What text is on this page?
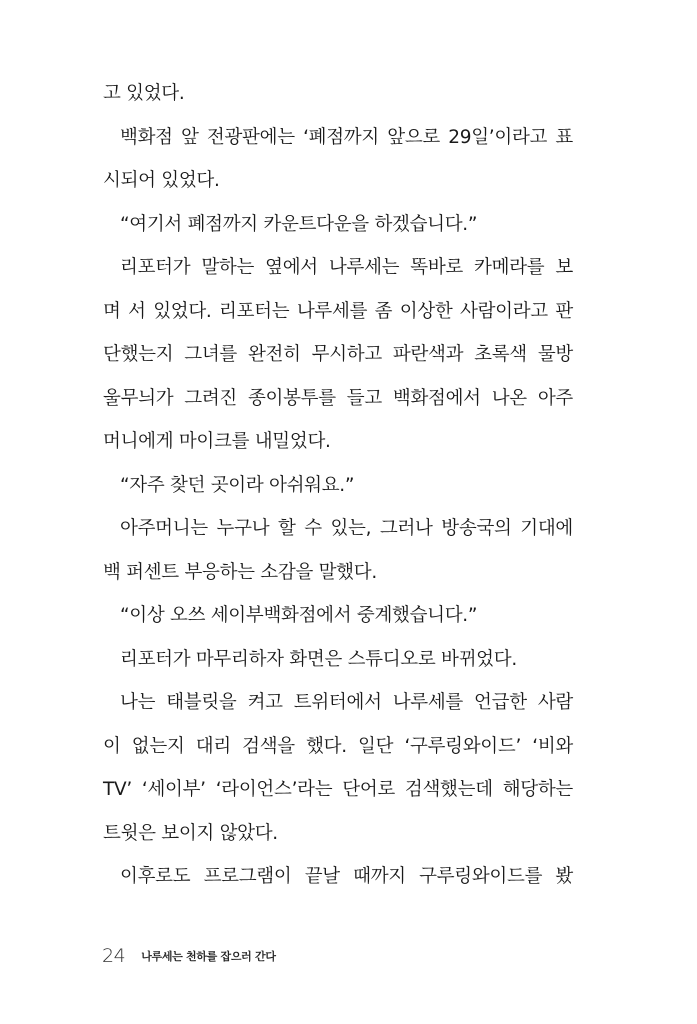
고 있었다.
백화점 앞 전광판에는 ‘폐점까지 앞으로 29일’이라고 표
시되어 있었다.
“여기서 폐점까지 카운트다운을 하겠습니다.”
리포터가 말하는 옆에서 나루세는 똑바로 카메라를 보
며 서 있었다. 리포터는 나루세를 좀 이상한 사람이라고 판
단했는지 그녀를 완전히 무시하고 파란색과 초록색 물방
울무늬가 그려진 종이봉투를 들고 백화점에서 나온 아주
머니에게 마이크를 내밀었다.
“자주 찾던 곳이라 아쉬워요.”
아주머니는 누구나 할 수 있는, 그러나 방송국의 기대에
백 퍼센트 부응하는 소감을 말했다.
“이상 오쓰 세이부백화점에서 중계했습니다.”
리포터가 마무리하자 화면은 스튜디오로 바뀌었다.
나는 태블릿을 켜고 트위터에서 나루세를 언급한 사람
이 없는지 대리 검색을 했다. 일단 ‘구루링와이드’ ‘비와
TV’ ‘세이부’ ‘라이언스’라는 단어로 검색했는데 해당하는
트윗은 보이지 않았다.
이후로도 프로그램이 끝날 때까지 구루링와이드를 봤
24 나루세는 천하를 잡으러 간다
